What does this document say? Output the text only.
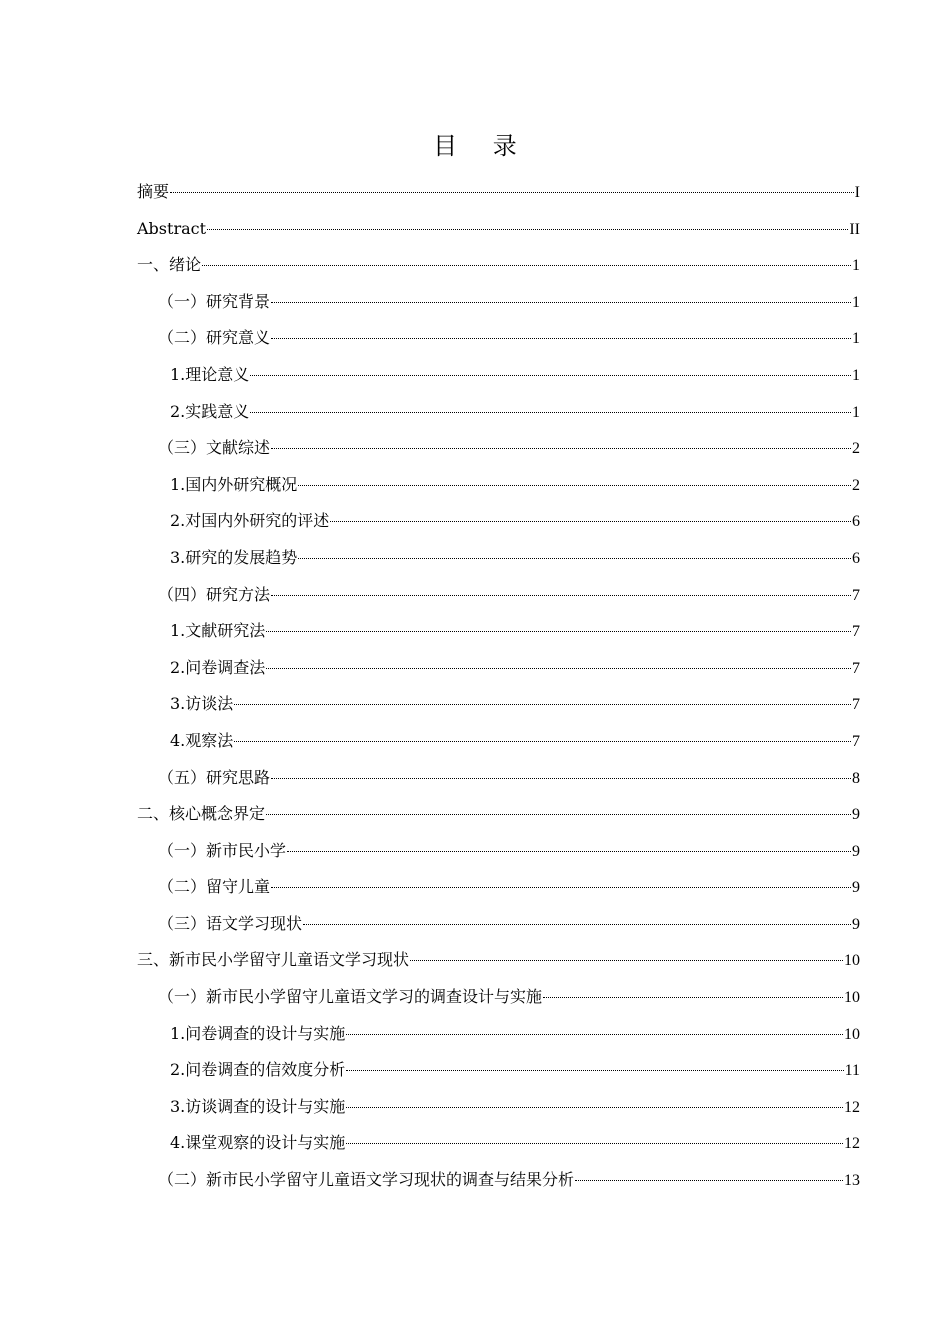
目 录
摘要	I
Abstract	II
一、绪论	1
（一）研究背景	1
（二）研究意义	1
1.理论意义	1
2.实践意义	1
（三）文献综述	2
1.国内外研究概况	2
2.对国内外研究的评述	6
3.研究的发展趋势	6
（四）研究方法	7
1.文献研究法	7
2.问卷调查法	7
3.访谈法	7
4.观察法	7
（五）研究思路	8
二、核心概念界定	9
（一）新市民小学	9
（二）留守儿童	9
（三）语文学习现状	9
三、新市民小学留守儿童语文学习现状	10
（一）新市民小学留守儿童语文学习的调查设计与实施	10
1.问卷调查的设计与实施	10
2.问卷调查的信效度分析	11
3.访谈调查的设计与实施	12
4.课堂观察的设计与实施	12
（二）新市民小学留守儿童语文学习现状的调查与结果分析	13
